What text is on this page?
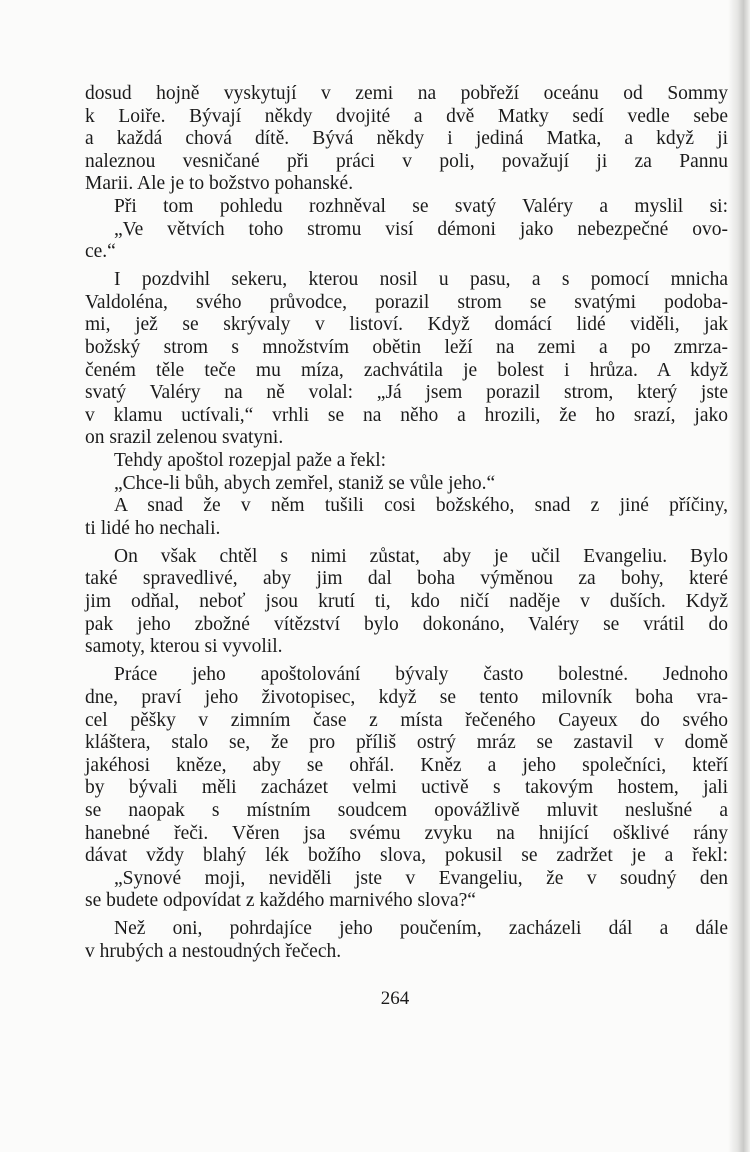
dosud hojně vyskytují v zemi na pobřeží oceánu od Sommy
k Loiře. Bývají někdy dvojité a dvě Matky sedí vedle sebe
a každá chová dítě. Bývá někdy i jediná Matka, a když ji
naleznou vesničané při práci v poli, považují ji za Pannu
Marii. Ale je to božstvo pohanské.
Při tom pohledu rozhněval se svatý Valéry a myslil si:
„Ve větvích toho stromu visí démoni jako nebezpečné ovo-
ce.“
I pozdvihl sekeru, kterou nosil u pasu, a s pomocí mnicha
Valdoléna, svého průvodce, porazil strom se svatými podoba-
mi, jež se skrývaly v listoví. Když domácí lidé viděli, jak
božský strom s množstvím obětin leží na zemi a po zmrza-
čeném těle teče mu míza, zachvátila je bolest i hrůza. A když
svatý Valéry na ně volal: „Já jsem porazil strom, který jste
v klamu uctívali,“ vrhli se na něho a hrozili, že ho srazí, jako
on srazil zelenou svatyni.
Tehdy apoštol rozepjal paže a řekl:
„Chce-li bůh, abych zemřel, staniž se vůle jeho.“
A snad že v něm tušili cosi božského, snad z jiné příčiny,
ti lidé ho nechali.
On však chtěl s nimi zůstat, aby je učil Evangeliu. Bylo
také spravedlivé, aby jim dal boha výměnou za bohy, které
jim odňal, neboť jsou krutí ti, kdo ničí naděje v duších. Když
pak jeho zbožné vítězství bylo dokonáno, Valéry se vrátil do
samoty, kterou si vyvolil.
Práce jeho apoštolování bývaly často bolestné. Jednoho
dne, praví jeho životopisec, když se tento milovník boha vra-
cel pěšky v zimním čase z místa řečeného Cayeux do svého
kláštera, stalo se, že pro příliš ostrý mráz se zastavil v domě
jakéhosi kněze, aby se ohřál. Kněz a jeho společníci, kteří
by bývali měli zacházet velmi uctivě s takovým hostem, jali
se naopak s místním soudcem opovážlivě mluvit neslušné a
hanebné řeči. Věren jsa svému zvyku na hnijící ošklivé rány
dávat vždy blahý lék božího slova, pokusil se zadržet je a řekl:
„Synové moji, neviděli jste v Evangeliu, že v soudný den
se budete odpovídat z každého marnivého slova?“
Než oni, pohrdajíce jeho poučením, zacházeli dál a dále
v hrubých a nestoudných řečech.
264
